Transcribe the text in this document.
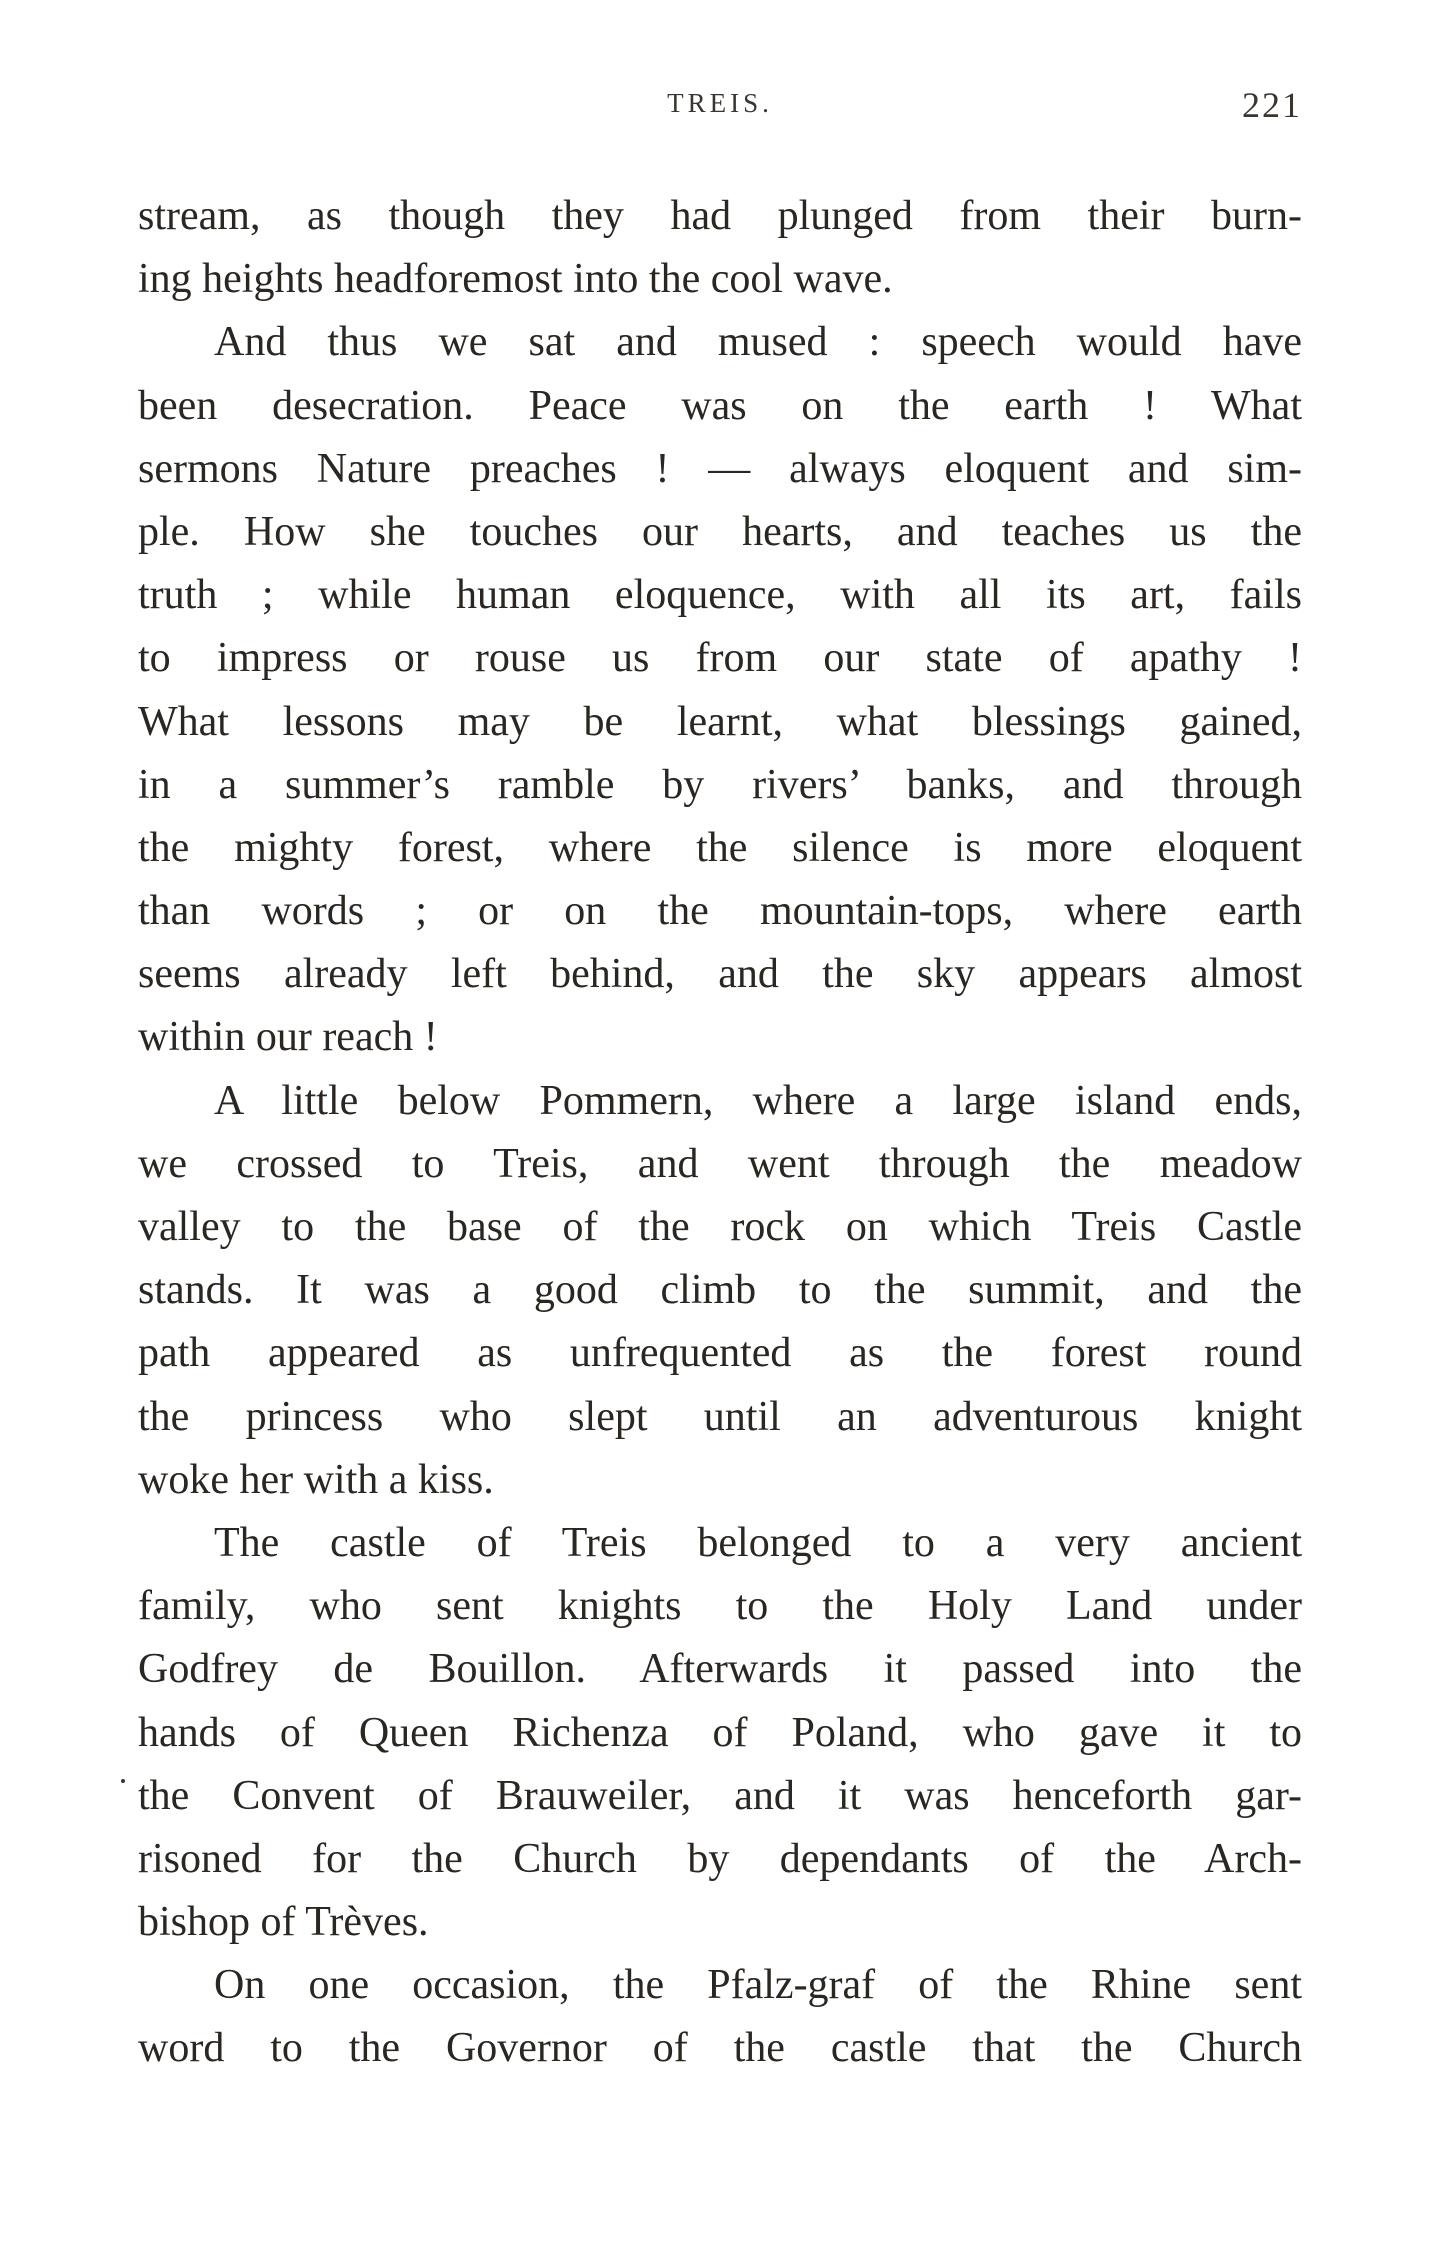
TREIS.	221
stream, as though they had plunged from their burn-
ing heights headforemost into the cool wave.
And thus we sat and mused : speech would have
been desecration. Peace was on the earth ! What
sermons Nature preaches ! — always eloquent and sim-
ple. How she touches our hearts, and teaches us the
truth ; while human eloquence, with all its art, fails
to impress or rouse us from our state of apathy !
What lessons may be learnt, what blessings gained,
in a summer’s ramble by rivers’ banks, and through
the mighty forest, where the silence is more eloquent
than words ; or on the mountain-tops, where earth
seems already left behind, and the sky appears almost
within our reach !
A little below Pommern, where a large island ends,
we crossed to Treis, and went through the meadow
valley to the base of the rock on which Treis Castle
stands. It was a good climb to the summit, and the
path appeared as unfrequented as the forest round
the princess who slept until an adventurous knight
woke her with a kiss.
The castle of Treis belonged to a very ancient
family, who sent knights to the Holy Land under
Godfrey de Bouillon. Afterwards it passed into the
hands of Queen Richenza of Poland, who gave it to
the Convent of Brauweiler, and it was henceforth gar-
risoned for the Church by dependants of the Arch-
bishop of Trèves.
On one occasion, the Pfalz-graf of the Rhine sent
word to the Governor of the castle that the Church
